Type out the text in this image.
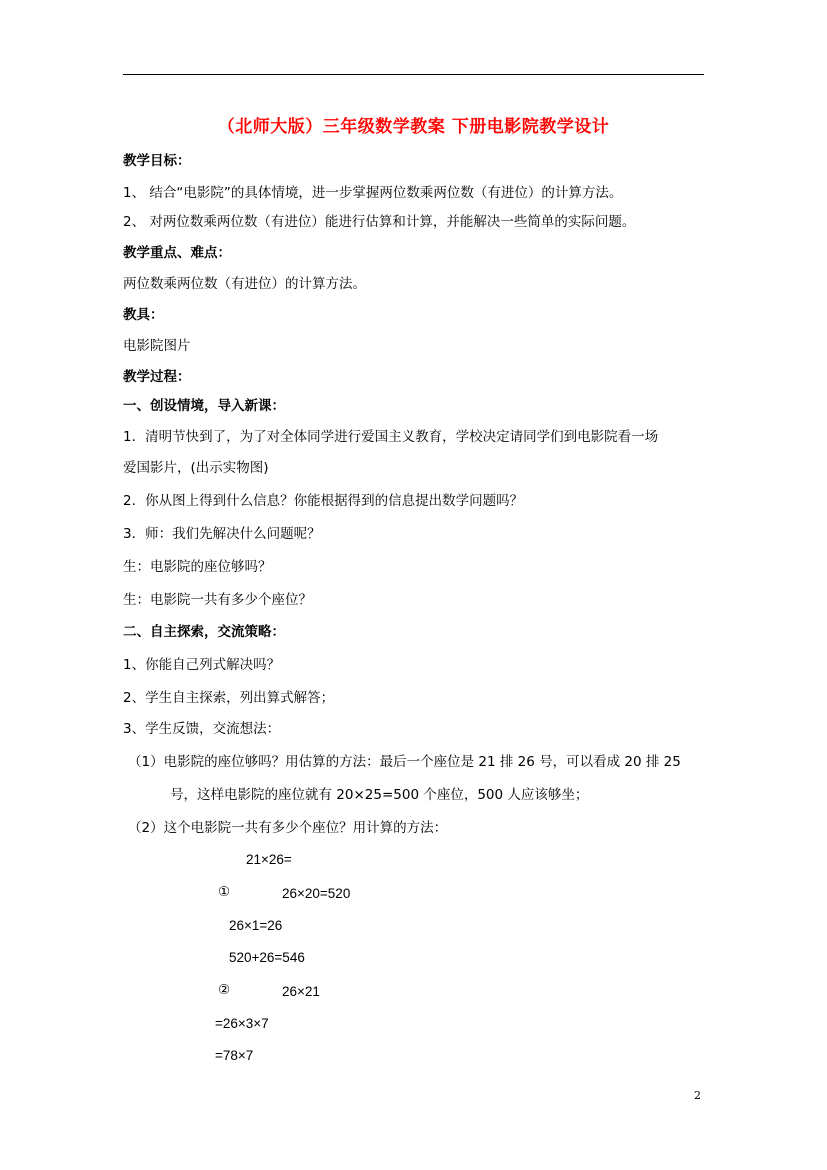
（北师大版）三年级数学教案 下册电影院教学设计
教学目标：
1、 结合“电影院”的具体情境，进一步掌握两位数乘两位数（有进位）的计算方法。
2、 对两位数乘两位数（有进位）能进行估算和计算，并能解决一些简单的实际问题。
教学重点、难点：
两位数乘两位数（有进位）的计算方法。
教具：
电影院图片
教学过程：
一、创设情境，导入新课：
1．清明节快到了，为了对全体同学进行爱国主义教育，学校决定请同学们到电影院看一场
爱国影片，(出示实物图)
2．你从图上得到什么信息？你能根据得到的信息提出数学问题吗？
3．师：我们先解决什么问题呢？
生：电影院的座位够吗？
生：电影院一共有多少个座位？
二、自主探索，交流策略：
1、你能自己列式解决吗？
2、学生自主探索，列出算式解答；
3、学生反馈，交流想法：
（1）电影院的座位够吗？用估算的方法：最后一个座位是 21 排 26 号，可以看成 20 排 25
号，这样电影院的座位就有 20×25=500 个座位，500 人应该够坐；
（2）这个电影院一共有多少个座位？用计算的方法：
21×26=
①	26×20=520
26×1=26
520+26=546
②	26×21
=26×3×7
=78×7
2
